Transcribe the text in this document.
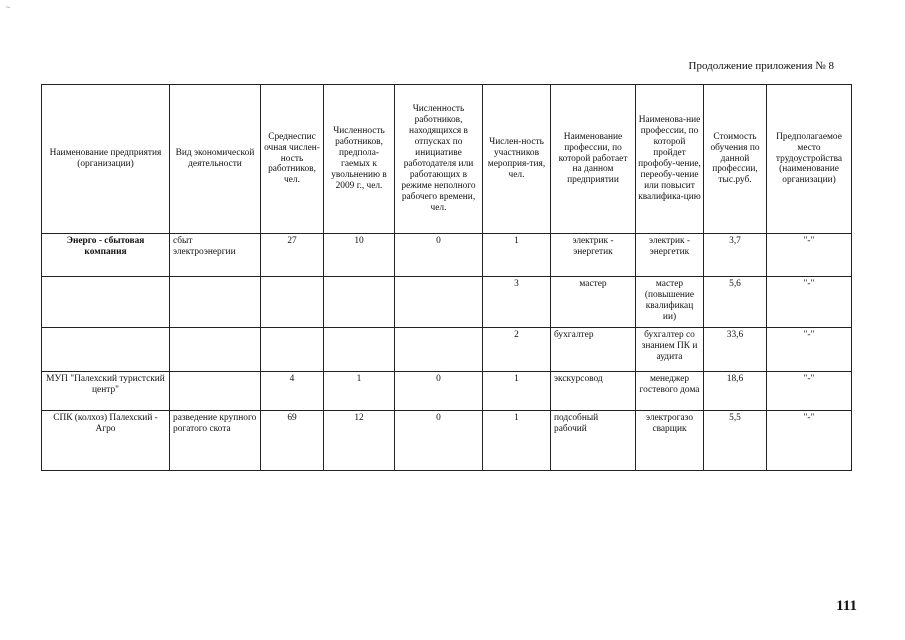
~
Продолжение приложения № 8
Наименование предприятия (организации)	Вид экономической деятельности	Среднеспис очная числен-ность работников, чел.	Численность работников, предпола-гаемых к увольнению в 2009 г., чел.	Численность работников, находящихся в отпусках по инициативе работодателя или работающих в режиме неполного рабочего времени, чел.	Числен-ность участников мероприя-тия, чел.	Наименование профессии, по которой работает на данном предприятии	Наименова-ние профессии, по которой пройдет профобу-чение, переобу-чение или повысит квалифика-цию	Стоимость обучения по данной профессии, тыс.руб.	Предполагаемое место трудоустройства (наименование организации)
Энерго - сбытовая компания	сбыт электроэнергии	27	10	0	1	электрик - энергетик	электрик - энергетик	3,7	"-"
					3	мастер	мастер (повышение квалификац ии)	5,6	"-"
					2	бухгалтер	бухгалтер со знанием ПК и аудита	33,6	"-"
МУП "Палехский туристский центр"		4	1	0	1	экскурсовод	менеджер гостевого дома	18,6	"-"
СПК (колхоз) Палехский - Агро	разведение крупного рогатого скота	69	12	0	1	подсобный рабочий	электрогазо сварщик	5,5	"-"
111
